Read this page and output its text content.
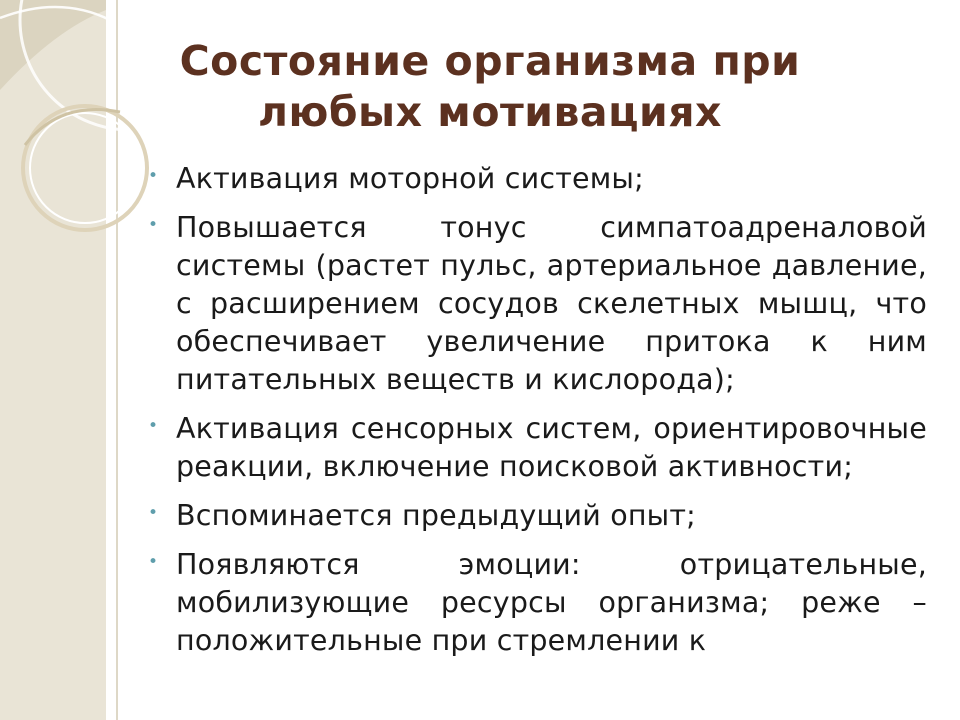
Состояние организма при любых мотивациях
• Активация моторной системы;
• Повышается тонус симпатоадреналовой системы (растет пульс, артериальное давление, с расширением сосудов скелетных мышц, что обеспечивает увеличение притока к ним питательных веществ и кислорода);
• Активация сенсорных систем, ориентировочные реакции, включение поисковой активности;
• Вспоминается предыдущий опыт;
• Появляются эмоции: отрицательные, мобилизующие ресурсы организма; реже – положительные при стремлении к
